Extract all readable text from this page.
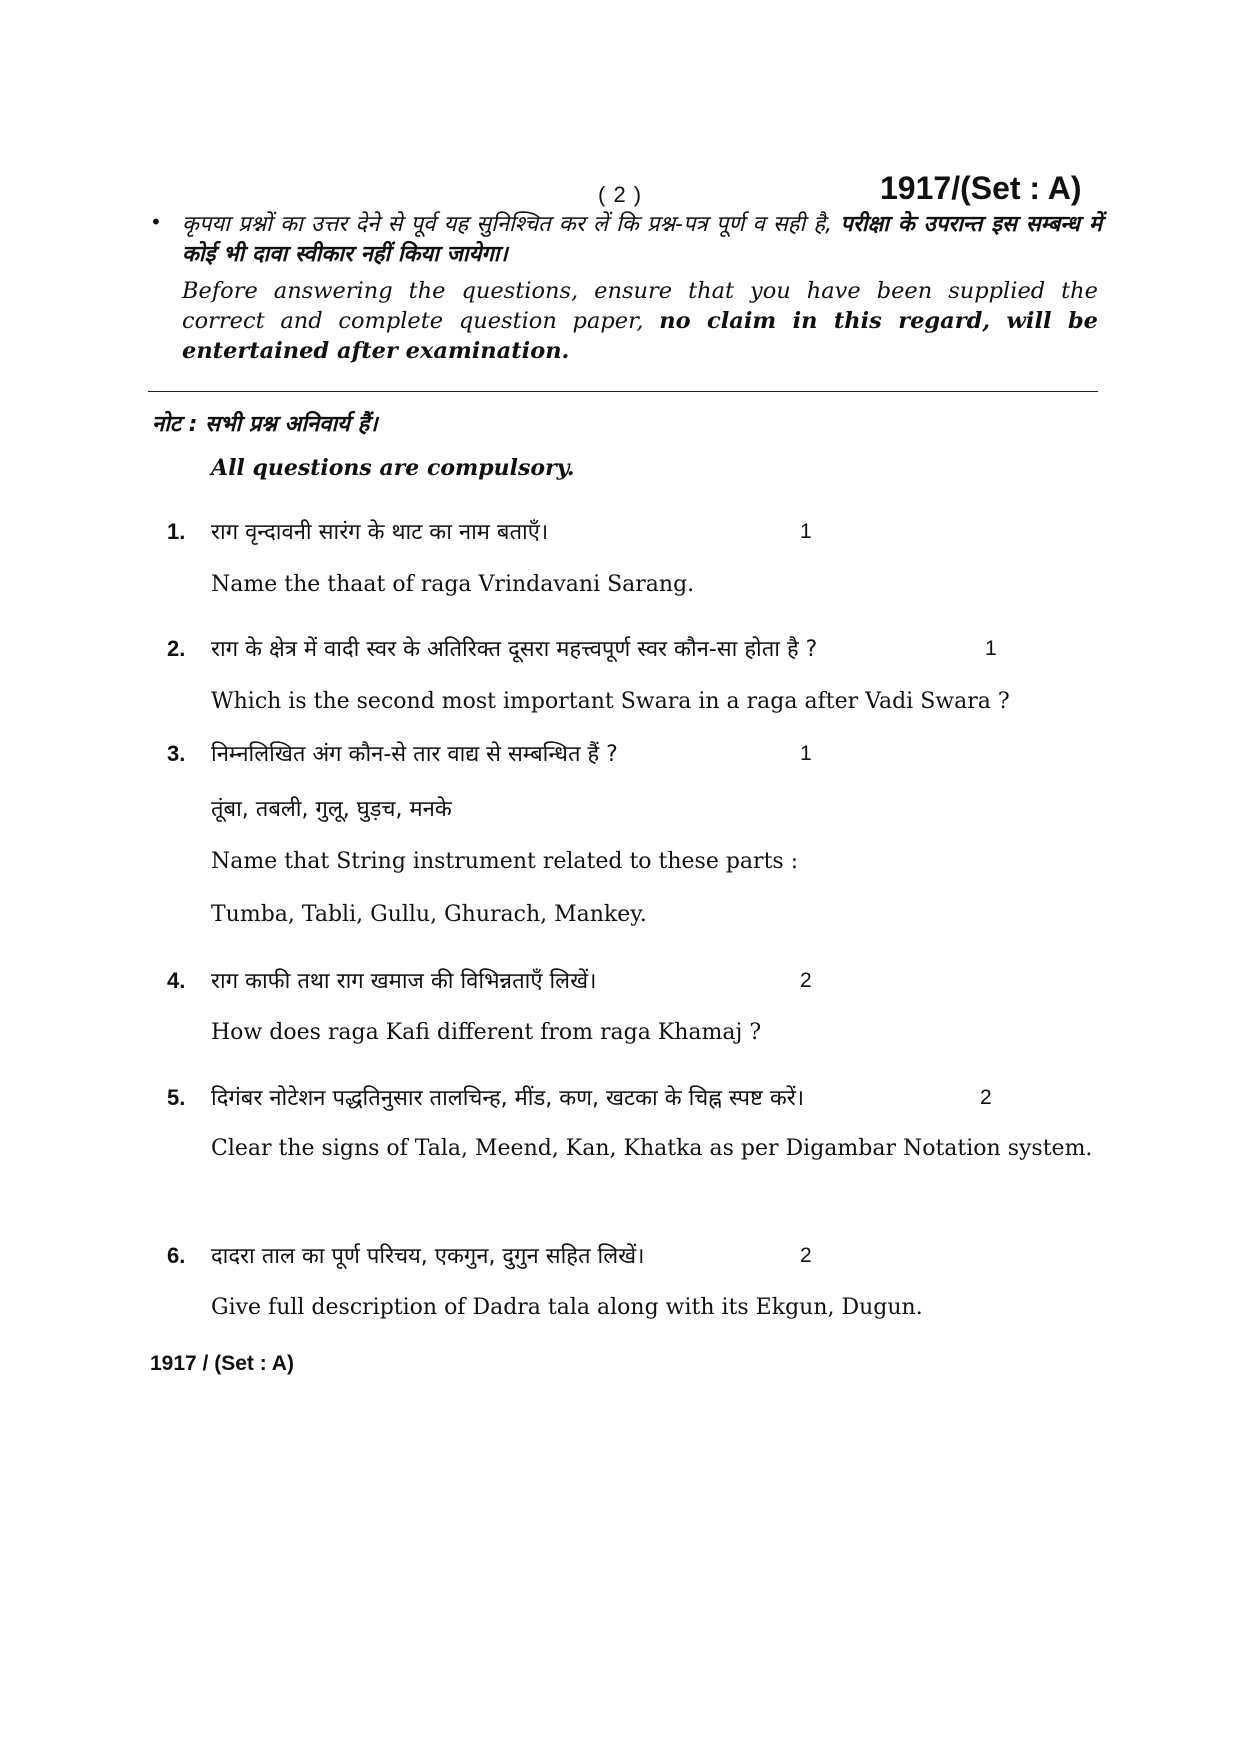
( 2 )	1917/(Set : A)
• कृपया प्रश्नों का उत्तर देने से पूर्व यह सुनिश्चित कर लें कि प्रश्न-पत्र पूर्ण व सही है, परीक्षा के उपरान्त इस सम्बन्ध में कोई भी दावा स्वीकार नहीं किया जायेगा।
Before answering the questions, ensure that you have been supplied the correct and complete question paper, no claim in this regard, will be entertained after examination.
नोट : सभी प्रश्न अनिवार्य हैं।
All questions are compulsory.
1. राग वृन्दावनी सारंग के थाट का नाम बताएँ।	1
Name the thaat of raga Vrindavani Sarang.
2. राग के क्षेत्र में वादी स्वर के अतिरिक्त दूसरा महत्त्वपूर्ण स्वर कौन-सा होता है ?	1
Which is the second most important Swara in a raga after Vadi Swara ?
3. निम्नलिखित अंग कौन-से तार वाद्य से सम्बन्धित हैं ?	1
तूंबा, तबली, गुलू, घुड़च, मनके
Name that String instrument related to these parts :
Tumba, Tabli, Gullu, Ghurach, Mankey.
4. राग काफी तथा राग खमाज की विभिन्नताएँ लिखें।	2
How does raga Kafi different from raga Khamaj ?
5. दिगंबर नोटेशन पद्धतिनुसार तालचिन्ह, मींड, कण, खटका के चिह्न स्पष्ट करें।	2
Clear the signs of Tala, Meend, Kan, Khatka as per Digambar Notation system.
6. दादरा ताल का पूर्ण परिचय, एकगुन, दुगुन सहित लिखें।	2
Give full description of Dadra tala along with its Ekgun, Dugun.
1917 / (Set : A)
